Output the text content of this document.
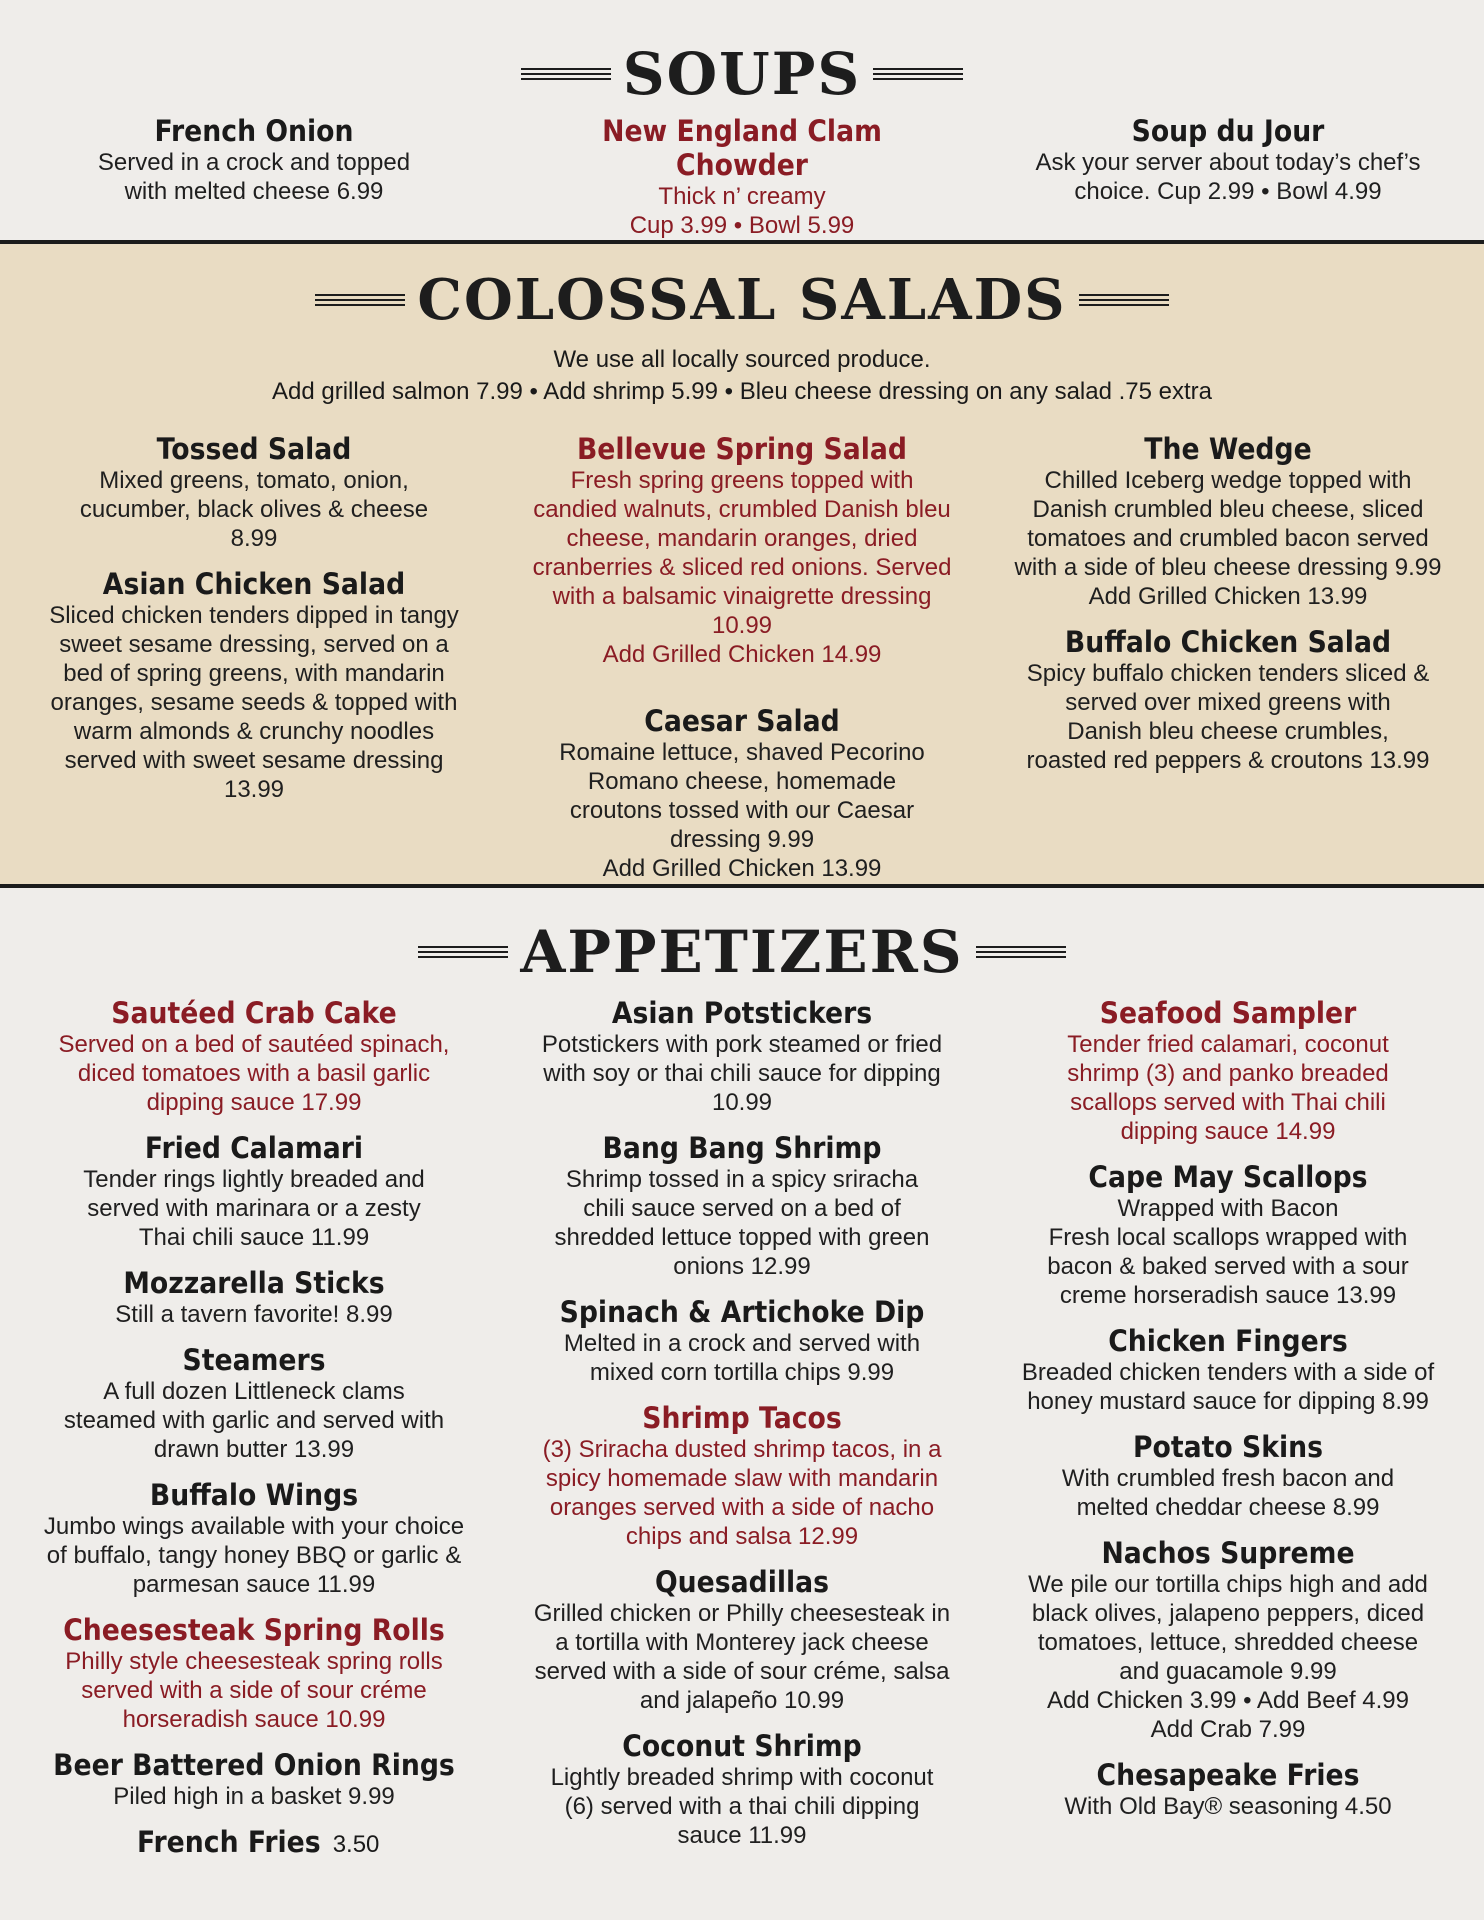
SOUPS
French Onion
Served in a crock and topped with melted cheese 6.99
New England Clam Chowder
Thick n’ creamy
Cup 3.99 • Bowl 5.99
Soup du Jour
Ask your server about today’s chef’s choice. Cup 2.99 • Bowl 4.99
COLOSSAL SALADS
We use all locally sourced produce.
Add grilled salmon 7.99 • Add shrimp 5.99 • Bleu cheese dressing on any salad .75 extra
Tossed Salad
Mixed greens, tomato, onion, cucumber, black olives & cheese 8.99
Asian Chicken Salad
Sliced chicken tenders dipped in tangy sweet sesame dressing, served on a bed of spring greens, with mandarin oranges, sesame seeds & topped with warm almonds & crunchy noodles served with sweet sesame dressing 13.99
Bellevue Spring Salad
Fresh spring greens topped with candied walnuts, crumbled Danish bleu cheese, mandarin oranges, dried cranberries & sliced red onions. Served with a balsamic vinaigrette dressing 10.99
Add Grilled Chicken 14.99
Caesar Salad
Romaine lettuce, shaved Pecorino Romano cheese, homemade croutons tossed with our Caesar dressing 9.99
Add Grilled Chicken 13.99
The Wedge
Chilled Iceberg wedge topped with Danish crumbled bleu cheese, sliced tomatoes and crumbled bacon served with a side of bleu cheese dressing 9.99
Add Grilled Chicken 13.99
Buffalo Chicken Salad
Spicy buffalo chicken tenders sliced & served over mixed greens with Danish bleu cheese crumbles, roasted red peppers & croutons 13.99
APPETIZERS
Sautéed Crab Cake
Served on a bed of sautéed spinach, diced tomatoes with a basil garlic dipping sauce 17.99
Fried Calamari
Tender rings lightly breaded and served with marinara or a zesty Thai chili sauce 11.99
Mozzarella Sticks
Still a tavern favorite! 8.99
Steamers
A full dozen Littleneck clams steamed with garlic and served with drawn butter 13.99
Buffalo Wings
Jumbo wings available with your choice of buffalo, tangy honey BBQ or garlic & parmesan sauce 11.99
Cheesesteak Spring Rolls
Philly style cheesesteak spring rolls served with a side of sour créme horseradish sauce 10.99
Beer Battered Onion Rings
Piled high in a basket 9.99
French Fries 3.50
Asian Potstickers
Potstickers with pork steamed or fried with soy or thai chili sauce for dipping 10.99
Bang Bang Shrimp
Shrimp tossed in a spicy sriracha chili sauce served on a bed of shredded lettuce topped with green onions 12.99
Spinach & Artichoke Dip
Melted in a crock and served with mixed corn tortilla chips 9.99
Shrimp Tacos
(3) Sriracha dusted shrimp tacos, in a spicy homemade slaw with mandarin oranges served with a side of nacho chips and salsa 12.99
Quesadillas
Grilled chicken or Philly cheesesteak in a tortilla with Monterey jack cheese served with a side of sour créme, salsa and jalapeño 10.99
Coconut Shrimp
Lightly breaded shrimp with coconut (6) served with a thai chili dipping sauce 11.99
Seafood Sampler
Tender fried calamari, coconut shrimp (3) and panko breaded scallops served with Thai chili dipping sauce 14.99
Cape May Scallops
Wrapped with Bacon
Fresh local scallops wrapped with bacon & baked served with a sour creme horseradish sauce 13.99
Chicken Fingers
Breaded chicken tenders with a side of honey mustard sauce for dipping 8.99
Potato Skins
With crumbled fresh bacon and melted cheddar cheese 8.99
Nachos Supreme
We pile our tortilla chips high and add black olives, jalapeno peppers, diced tomatoes, lettuce, shredded cheese and guacamole 9.99
Add Chicken 3.99 • Add Beef 4.99
Add Crab 7.99
Chesapeake Fries
With Old Bay® seasoning 4.50
